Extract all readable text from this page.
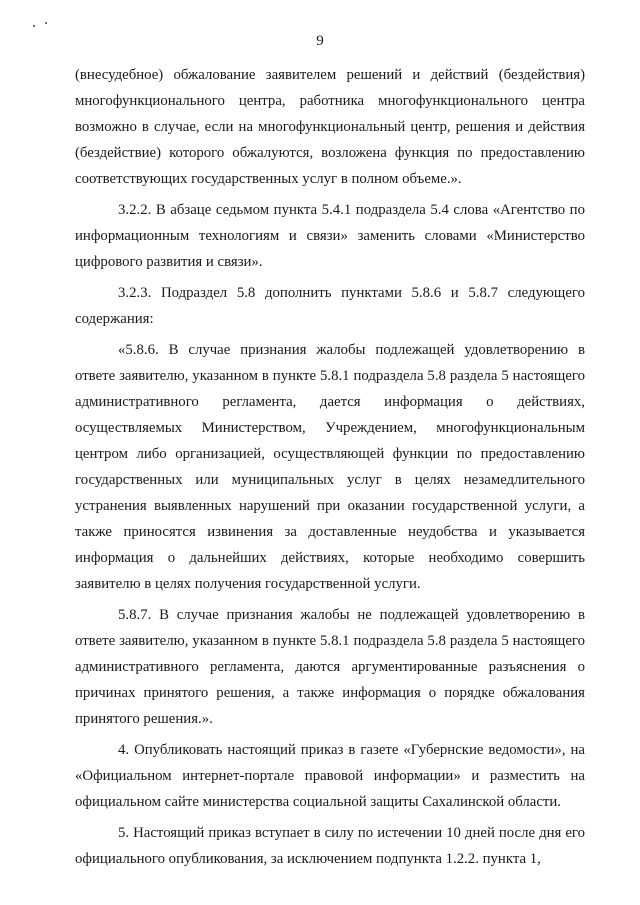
9

(внесудебное) обжалование заявителем решений и действий (бездействия) многофункционального центра, работника многофункционального центра возможно в случае, если на многофункциональный центр, решения и действия (бездействие) которого обжалуются, возложена функция по предоставлению соответствующих государственных услуг в полном объеме.».

3.2.2. В абзаце седьмом пункта 5.4.1 подраздела 5.4 слова «Агентство по информационным технологиям и связи» заменить словами «Министерство цифрового развития и связи».

3.2.3. Подраздел 5.8 дополнить пунктами 5.8.6 и 5.8.7 следующего содержания:

«5.8.6. В случае признания жалобы подлежащей удовлетворению в ответе заявителю, указанном в пункте 5.8.1 подраздела 5.8 раздела 5 настоящего административного регламента, дается информация о действиях, осуществляемых Министерством, Учреждением, многофункциональным центром либо организацией, осуществляющей функции по предоставлению государственных или муниципальных услуг в целях незамедлительного устранения выявленных нарушений при оказании государственной услуги, а также приносятся извинения за доставленные неудобства и указывается информация о дальнейших действиях, которые необходимо совершить заявителю в целях получения государственной услуги.

5.8.7. В случае признания жалобы не подлежащей удовлетворению в ответе заявителю, указанном в пункте 5.8.1 подраздела 5.8 раздела 5 настоящего административного регламента, даются аргументированные разъяснения о причинах принятого решения, а также информация о порядке обжалования принятого решения.».

4. Опубликовать настоящий приказ в газете «Губернские ведомости», на «Официальном интернет-портале правовой информации» и разместить на официальном сайте министерства социальной защиты Сахалинской области.

5. Настоящий приказ вступает в силу по истечении 10 дней после дня его официального опубликования, за исключением подпункта 1.2.2. пункта 1,
